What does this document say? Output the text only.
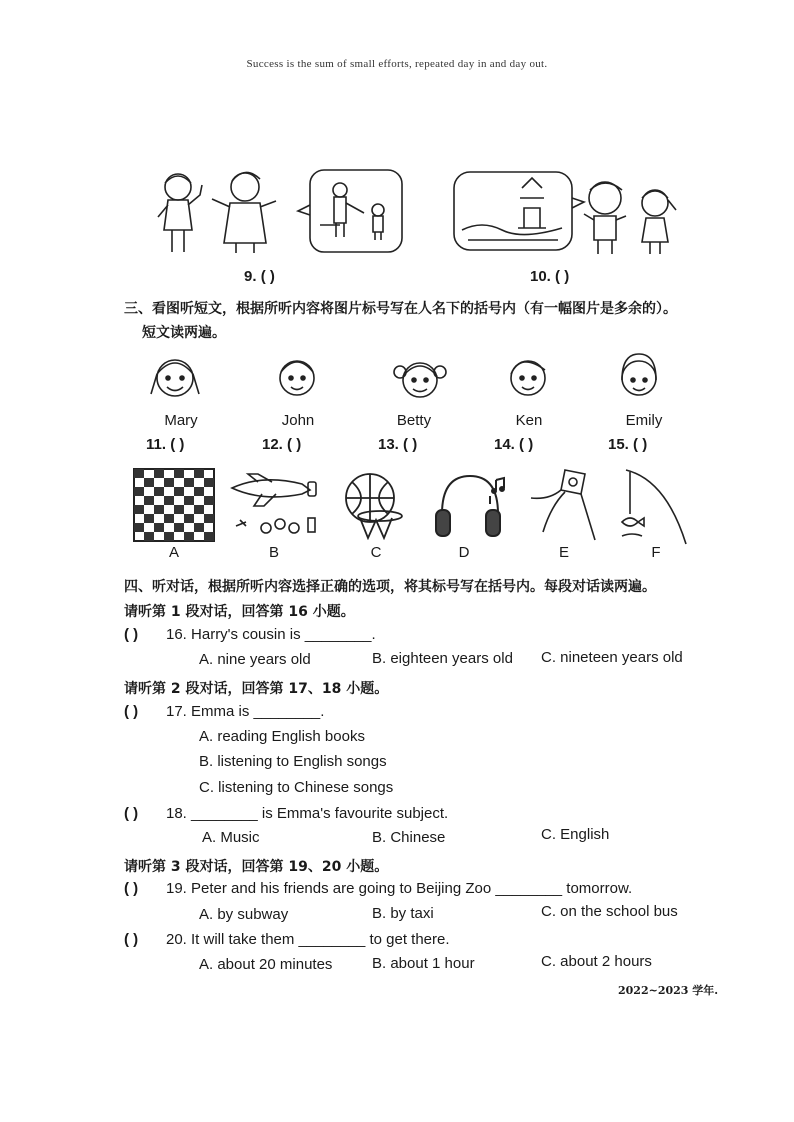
Success is the sum of small efforts, repeated day in and day out.
9. ( )	10. ( )
三、看图听短文，根据所听内容将图片标号写在人名下的括号内（有一幅图片是多余的）。
短文读两遍。
Mary	John	Betty	Ken	Emily
11. ( )	12. ( )	13. ( )	14. ( )	15. ( )
A	B	C	D	E	F
四、听对话，根据所听内容选择正确的选项，将其标号写在括号内。每段对话读两遍。
请听第 1 段对话，回答第 16 小题。
( ) 16. Harry's cousin is ________.
A. nine years old	B. eighteen years old C. nineteen years old
请听第 2 段对话，回答第 17、18 小题。
( ) 17. Emma is ________.
A. reading English books
B. listening to English songs
C. listening to Chinese songs
( ) 18. ________ is Emma's favourite subject.
A. Music	B. Chinese	C. English
请听第 3 段对话，回答第 19、20 小题。
( ) 19. Peter and his friends are going to Beijing Zoo ________ tomorrow.
A. by subway	B. by taxi	C. on the school bus
( ) 20. It will take them ________ to get there.
A. about 20 minutes	B. about 1 hour	C. about 2 hours
2022~2023 学年.
